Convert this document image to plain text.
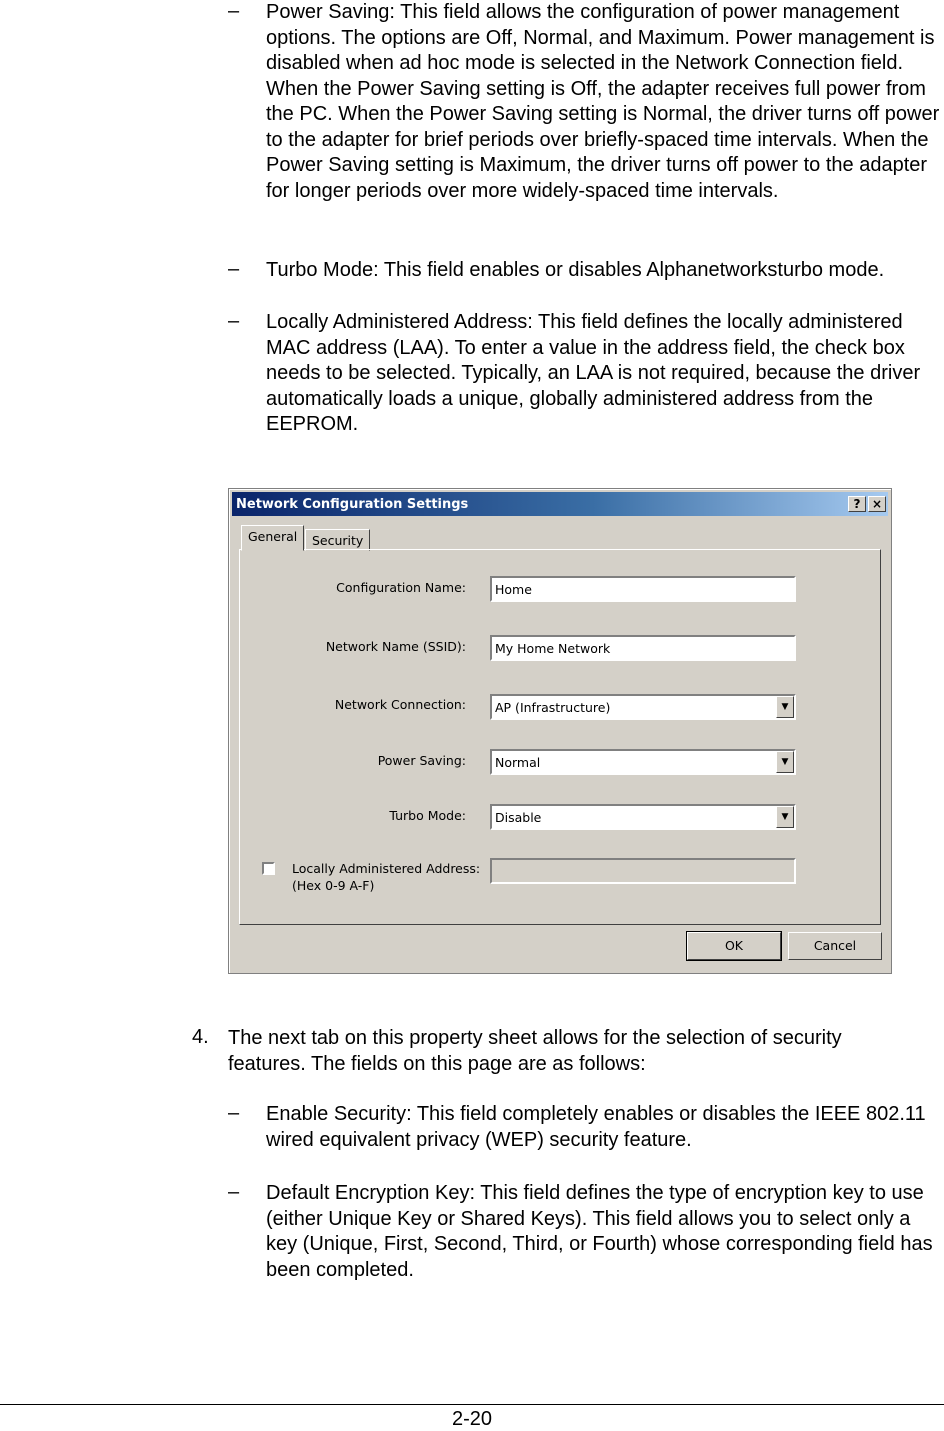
–	Power Saving: This field allows the configuration of power management options. The options are Off, Normal, and Maximum. Power management is disabled when ad hoc mode is selected in the Network Connection field. When the Power Saving setting is Off, the adapter receives full power from the PC. When the Power Saving setting is Normal, the driver turns off power to the adapter for brief periods over briefly-spaced time intervals. When the Power Saving setting is Maximum, the driver turns off power to the adapter for longer periods over more widely-spaced time intervals.
–	Turbo Mode: This field enables or disables Alphanetworksturbo mode.
–	Locally Administered Address: This field defines the locally administered MAC address (LAA). To enter a value in the address field, the check box needs to be selected. Typically, an LAA is not required, because the driver automatically loads a unique, globally administered address from the EEPROM.
Network Configuration Settings	? ×
General	Security
Configuration Name:	Home
Network Name (SSID):	My Home Network
Network Connection:	AP (Infrastructure)	▼
Power Saving:	Normal	▼
Turbo Mode:	Disable	▼
Locally Administered Address:
(Hex 0-9 A-F)
OK	Cancel
4. The next tab on this property sheet allows for the selection of security features. The fields on this page are as follows:
–	Enable Security: This field completely enables or disables the IEEE 802.11 wired equivalent privacy (WEP) security feature.
–	Default Encryption Key: This field defines the type of encryption key to use (either Unique Key or Shared Keys). This field allows you to select only a key (Unique, First, Second, Third, or Fourth) whose corresponding field has been completed.
2-20
